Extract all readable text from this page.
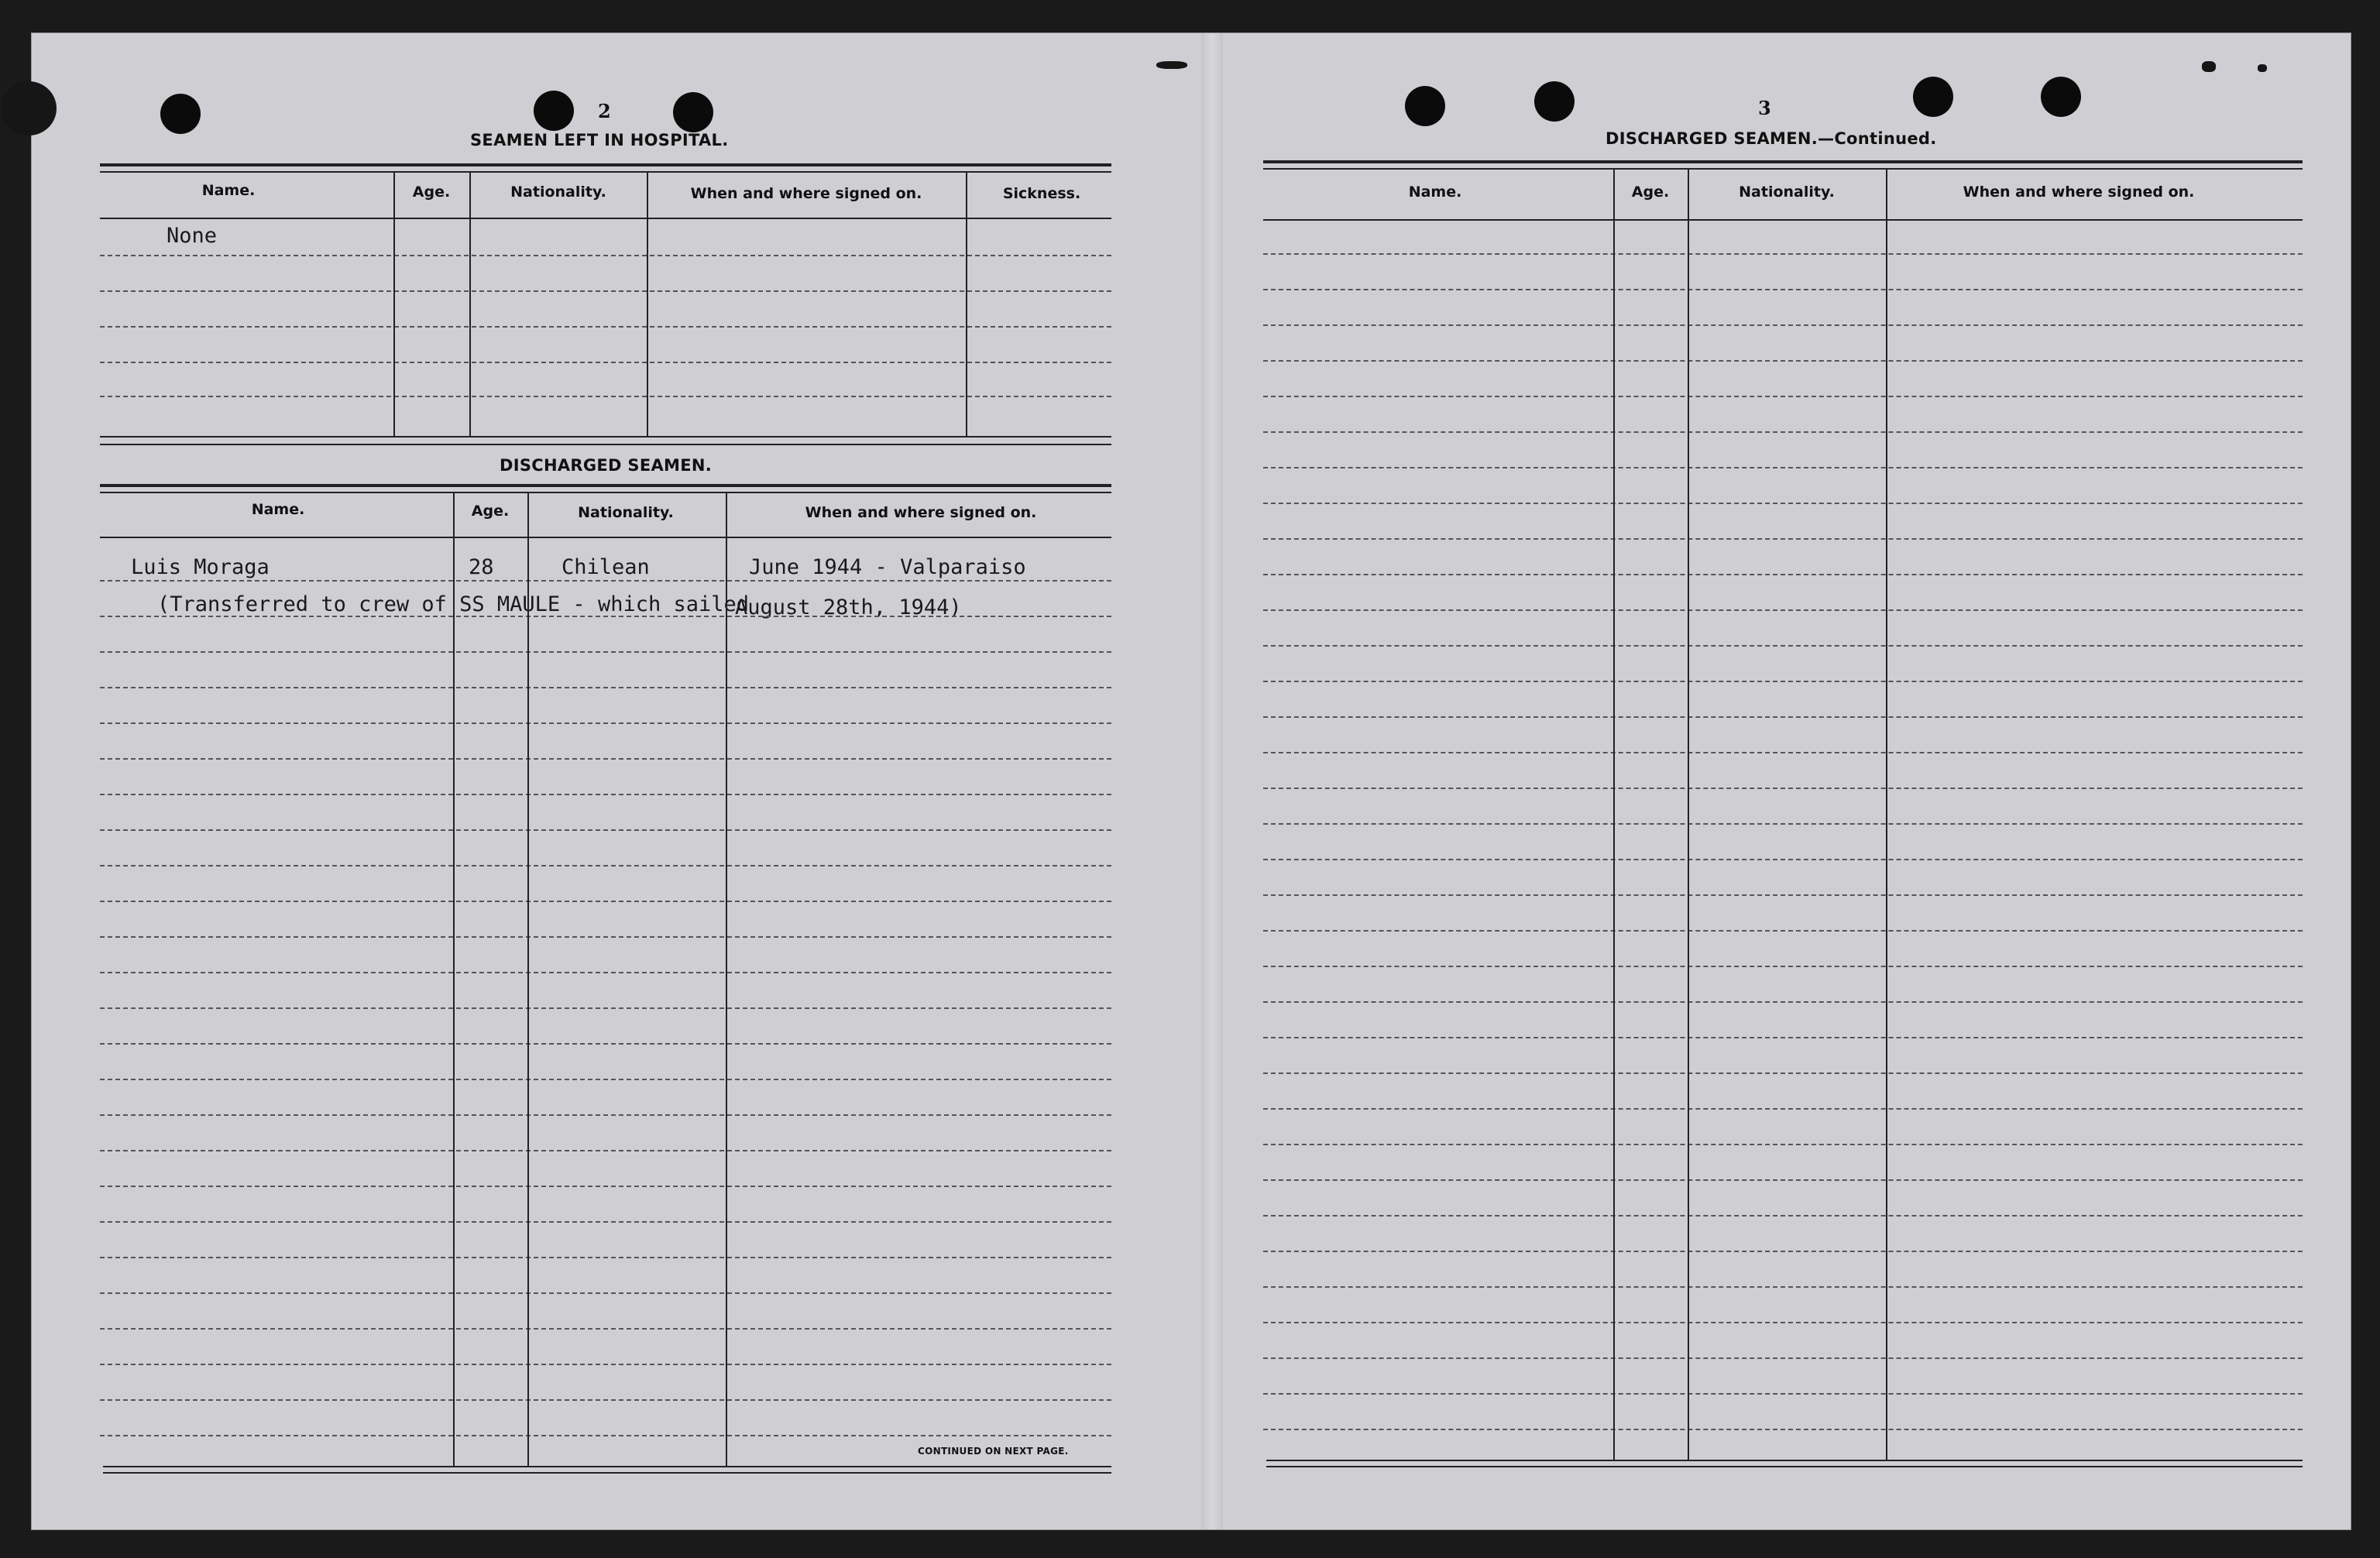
2
SEAMEN LEFT IN HOSPITAL.
Name.	Age.	Nationality.	When and where signed on.	Sickness.
None
DISCHARGED SEAMEN.
Name.	Age.	Nationality.	When and where signed on.
Luis Moraga	28	Chilean	June 1944 - Valparaiso
(Transferred to crew of SS MAULE - which sailed
August 28th, 1944)
CONTINUED ON NEXT PAGE.
3
DISCHARGED SEAMEN.—Continued.
Name.	Age.	Nationality.	When and where signed on.
